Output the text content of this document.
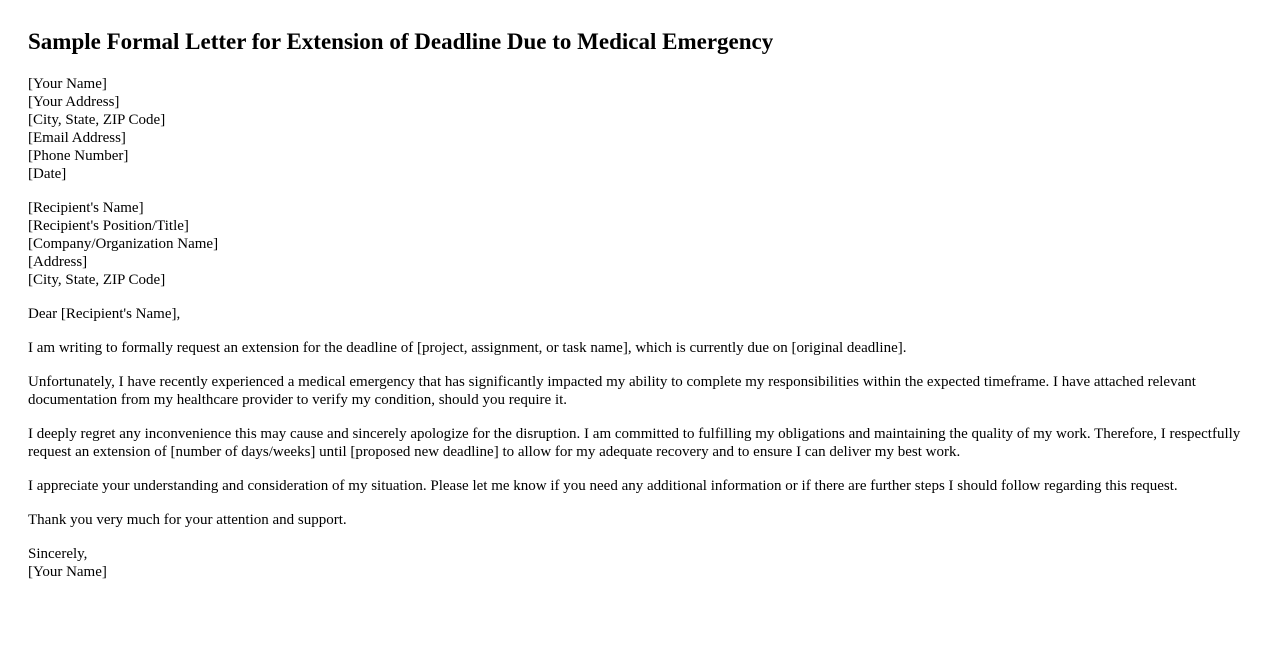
Sample Formal Letter for Extension of Deadline Due to Medical Emergency
[Your Name]
[Your Address]
[City, State, ZIP Code]
[Email Address]
[Phone Number]
[Date]
[Recipient's Name]
[Recipient's Position/Title]
[Company/Organization Name]
[Address]
[City, State, ZIP Code]

Dear [Recipient's Name],

I am writing to formally request an extension for the deadline of [project, assignment, or task name], which is currently due on [original deadline].

Unfortunately, I have recently experienced a medical emergency that has significantly impacted my ability to complete my responsibilities within the expected timeframe. I have attached relevant documentation from my healthcare provider to verify my condition, should you require it.

I deeply regret any inconvenience this may cause and sincerely apologize for the disruption. I am committed to fulfilling my obligations and maintaining the quality of my work. Therefore, I respectfully request an extension of [number of days/weeks] until [proposed new deadline] to allow for my adequate recovery and to ensure I can deliver my best work.

I appreciate your understanding and consideration of my situation. Please let me know if you need any additional information or if there are further steps I should follow regarding this request.

Thank you very much for your attention and support.

Sincerely,
[Your Name]
